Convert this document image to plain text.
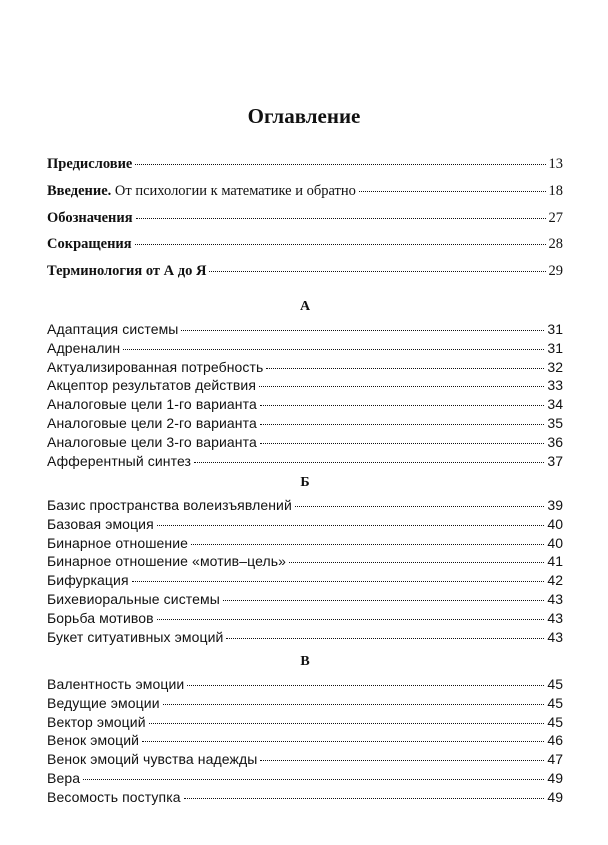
Оглавление
Предисловие	13
Введение. От психологии к математике и обратно	18
Обозначения	27
Сокращения	28
Терминология от А до Я	29
А
Адаптация системы	31
Адреналин	31
Актуализированная потребность	32
Акцептор результатов действия	33
Аналоговые цели 1-го варианта	34
Аналоговые цели 2-го варианта	35
Аналоговые цели 3-го варианта	36
Афферентный синтез	37
Б
Базис пространства волеизъявлений	39
Базовая эмоция	40
Бинарное отношение	40
Бинарное отношение «мотив–цель»	41
Бифуркация	42
Бихевиоральные системы	43
Борьба мотивов	43
Букет ситуативных эмоций	43
В
Валентность эмоции	45
Ведущие эмоции	45
Вектор эмоций	45
Венок эмоций	46
Венок эмоций чувства надежды	47
Вера	49
Весомость поступка	49
